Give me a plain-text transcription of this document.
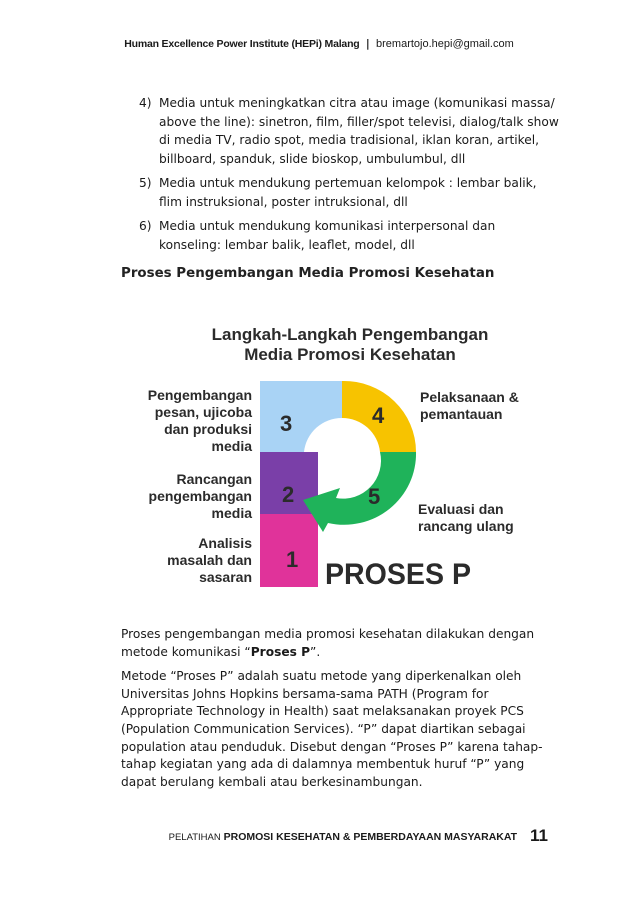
Human Excellence Power Institute (HEPi) Malang | bremartojo.hepi@gmail.com
4) Media untuk meningkatkan citra atau image (komunikasi massa/ above the line): sinetron, film, filler/spot televisi, dialog/talk show di media TV, radio spot, media tradisional, iklan koran, artikel, billboard, spanduk, slide bioskop, umbulumbul, dll
5) Media untuk mendukung pertemuan kelompok : lembar balik, flim instruksional, poster intruksional, dll
6) Media untuk mendukung komunikasi interpersonal dan konseling: lembar balik, leaflet, model, dll
Proses Pengembangan Media Promosi Kesehatan
Langkah-Langkah Pengembangan
Media Promosi Kesehatan
1
2
3	4
5
Pengembangan
pesan, ujicoba
dan produksi
media
Rancangan
pengembangan
media
Analisis
masalah dan
sasaran
Pelaksanaan &
pemantauan
Evaluasi dan
rancang ulang
PROSES P

Proses pengembangan media promosi kesehatan dilakukan dengan metode komunikasi “Proses P”.

Metode “Proses P” adalah suatu metode yang diperkenalkan oleh Universitas Johns Hopkins bersama-sama PATH (Program for Appropriate Technology in Health) saat melaksanakan proyek PCS (Population Communication Services). “P” dapat diartikan sebagai population atau penduduk. Disebut dengan “Proses P” karena tahap-tahap kegiatan yang ada di dalamnya membentuk huruf “P” yang dapat berulang kembali atau berkesinambungan.

PELATIHAN PROMOSI KESEHATAN & PEMBERDAYAAN MASYARAKAT 11
